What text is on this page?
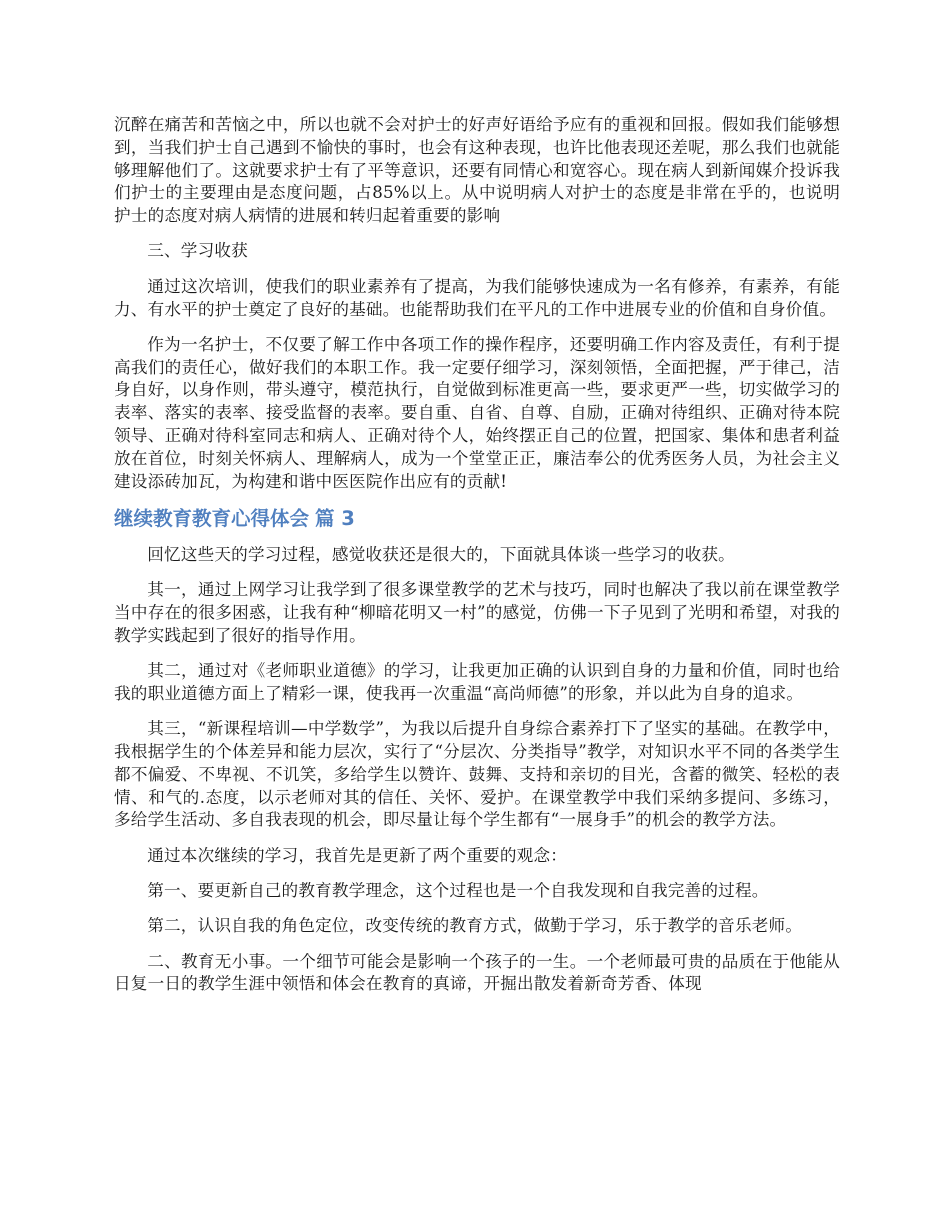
沉醉在痛苦和苦恼之中，所以也就不会对护士的好声好语给予应有的重视和回报。假如我们能够想到，当我们护士自己遇到不愉快的事时，也会有这种表现，也许比他表现还差呢，那么我们也就能够理解他们了。这就要求护士有了平等意识，还要有同情心和宽容心。现在病人到新闻媒介投诉我们护士的主要理由是态度问题，占85%以上。从中说明病人对护士的态度是非常在乎的，也说明护士的态度对病人病情的进展和转归起着重要的影响

三、学习收获

通过这次培训，使我们的职业素养有了提高，为我们能够快速成为一名有修养，有素养，有能力、有水平的护士奠定了良好的基础。也能帮助我们在平凡的工作中进展专业的价值和自身价值。

作为一名护士，不仅要了解工作中各项工作的操作程序，还要明确工作内容及责任，有利于提高我们的责任心，做好我们的本职工作。我一定要仔细学习，深刻领悟，全面把握，严于律己，洁身自好，以身作则，带头遵守，模范执行，自觉做到标准更高一些，要求更严一些，切实做学习的表率、落实的表率、接受监督的表率。要自重、自省、自尊、自励，正确对待组织、正确对待本院领导、正确对待科室同志和病人、正确对待个人，始终摆正自己的位置，把国家、集体和患者利益放在首位，时刻关怀病人、理解病人，成为一个堂堂正正，廉洁奉公的优秀医务人员，为社会主义建设添砖加瓦，为构建和谐中医医院作出应有的贡献!

继续教育教育心得体会 篇 3

回忆这些天的学习过程，感觉收获还是很大的，下面就具体谈一些学习的收获。

其一，通过上网学习让我学到了很多课堂教学的艺术与技巧，同时也解决了我以前在课堂教学当中存在的很多困惑，让我有种“柳暗花明又一村”的感觉，仿佛一下子见到了光明和希望，对我的教学实践起到了很好的指导作用。

其二，通过对《老师职业道德》的学习，让我更加正确的认识到自身的力量和价值，同时也给我的职业道德方面上了精彩一课，使我再一次重温“高尚师德”的形象，并以此为自身的追求。

其三，“新课程培训—中学数学”，为我以后提升自身综合素养打下了坚实的基础。在教学中，我根据学生的个体差异和能力层次，实行了“分层次、分类指导”教学，对知识水平不同的各类学生都不偏爱、不卑视、不讥笑，多给学生以赞许、鼓舞、支持和亲切的目光，含蓄的微笑、轻松的表情、和气的.态度，以示老师对其的信任、关怀、爱护。在课堂教学中我们采纳多提问、多练习，多给学生活动、多自我表现的机会，即尽量让每个学生都有“一展身手”的机会的教学方法。

通过本次继续的学习，我首先是更新了两个重要的观念：

第一、要更新自己的教育教学理念，这个过程也是一个自我发现和自我完善的过程。

第二，认识自我的角色定位，改变传统的教育方式，做勤于学习，乐于教学的音乐老师。

二、教育无小事。一个细节可能会是影响一个孩子的一生。一个老师最可贵的品质在于他能从日复一日的教学生涯中领悟和体会在教育的真谛，开掘出散发着新奇芳香、体现
